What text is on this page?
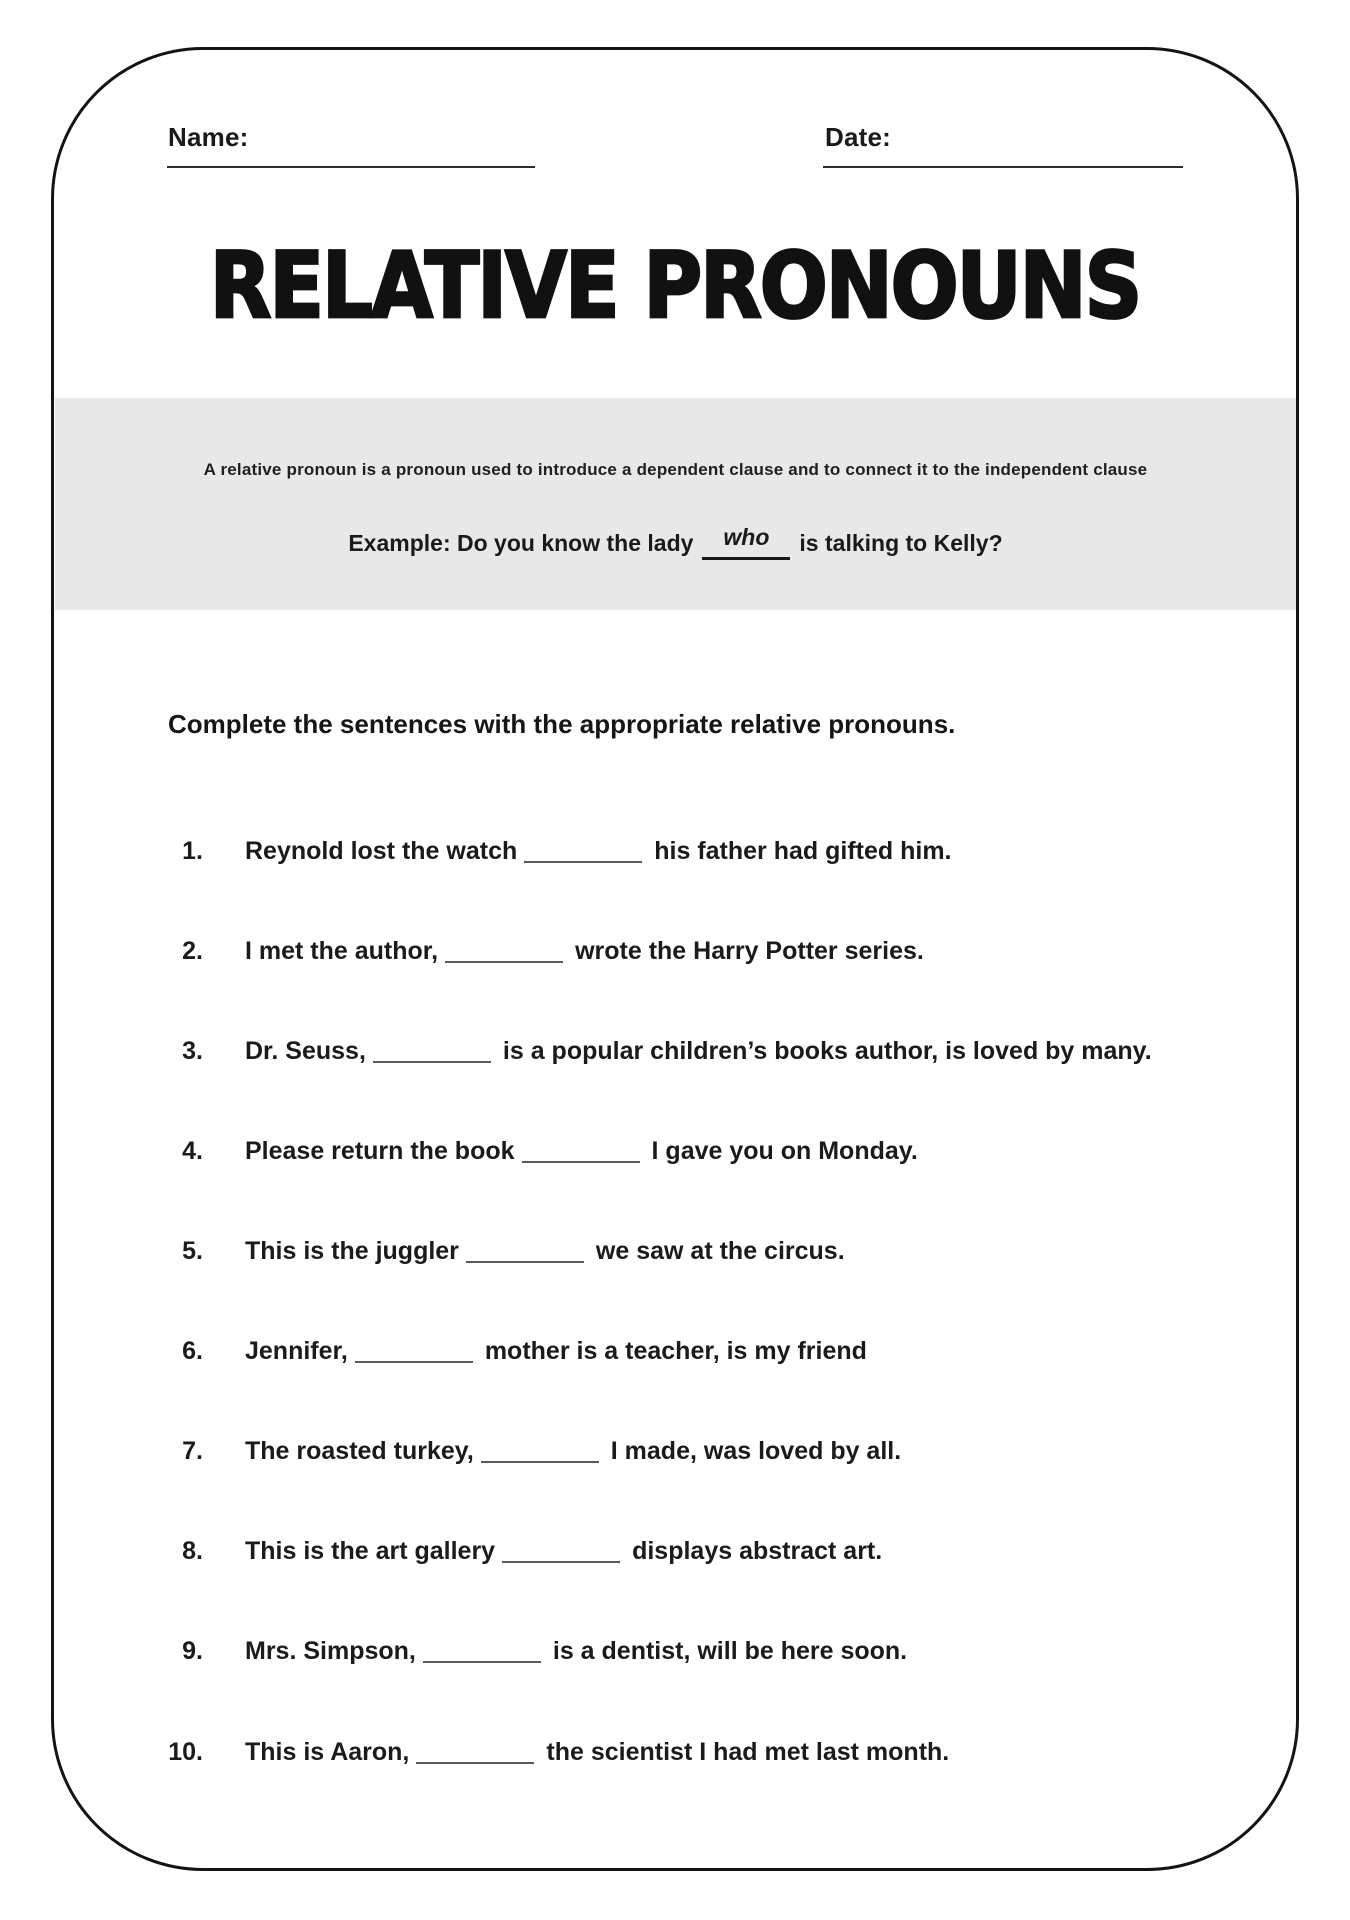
Name:	Date:
RELATIVE PRONOUNS
A relative pronoun is a pronoun used to introduce a dependent clause and to connect it to the independent clause
Example: Do you know the lady	who	is talking to Kelly?
Complete the sentences with the appropriate relative pronouns.
1. Reynold lost the watch	his father had gifted him.
2. I met the author,	wrote the Harry Potter series.
3. Dr. Seuss,	is a popular children’s books author, is loved by many.
4. Please return the book	I gave you on Monday.
5. This is the juggler	we saw at the circus.
6. Jennifer,	mother is a teacher, is my friend
7. The roasted turkey,	I made, was loved by all.
8. This is the art gallery	displays abstract art.
9. Mrs. Simpson,	is a dentist, will be here soon.
10. This is Aaron,	the scientist I had met last month.
